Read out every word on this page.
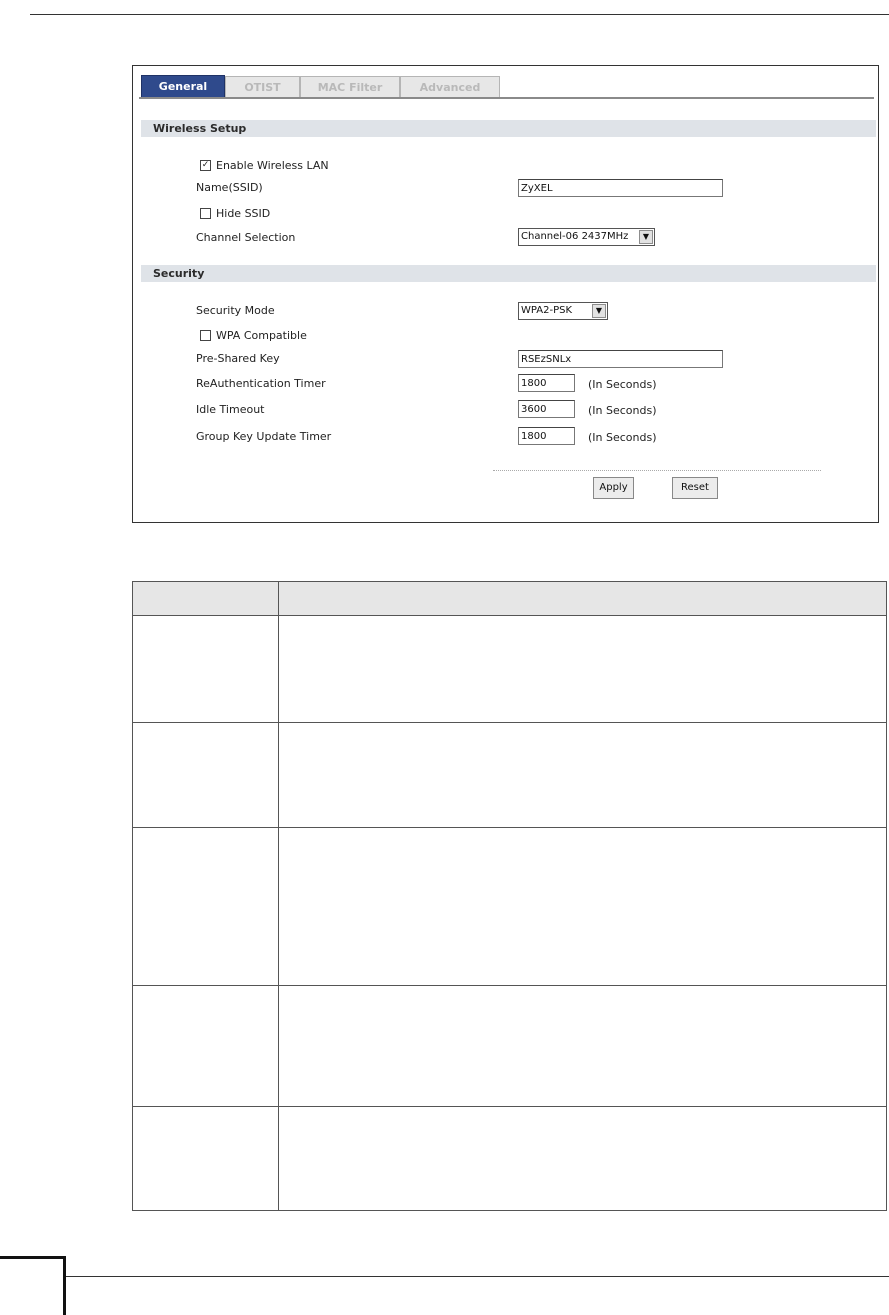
General	OTIST	MAC Filter	Advanced
Wireless Setup
✓ Enable Wireless LAN
Name(SSID)	ZyXEL
Hide SSID
Channel Selection	Channel-06 2437MHz	▼
Security
Security Mode	WPA2-PSK	▼
WPA Compatible
Pre-Shared Key	RSEzSNLx
ReAuthentication Timer	1800	(In Seconds)
Idle Timeout	3600	(In Seconds)
Group Key Update Timer	1800	(In Seconds)
Apply	Reset
